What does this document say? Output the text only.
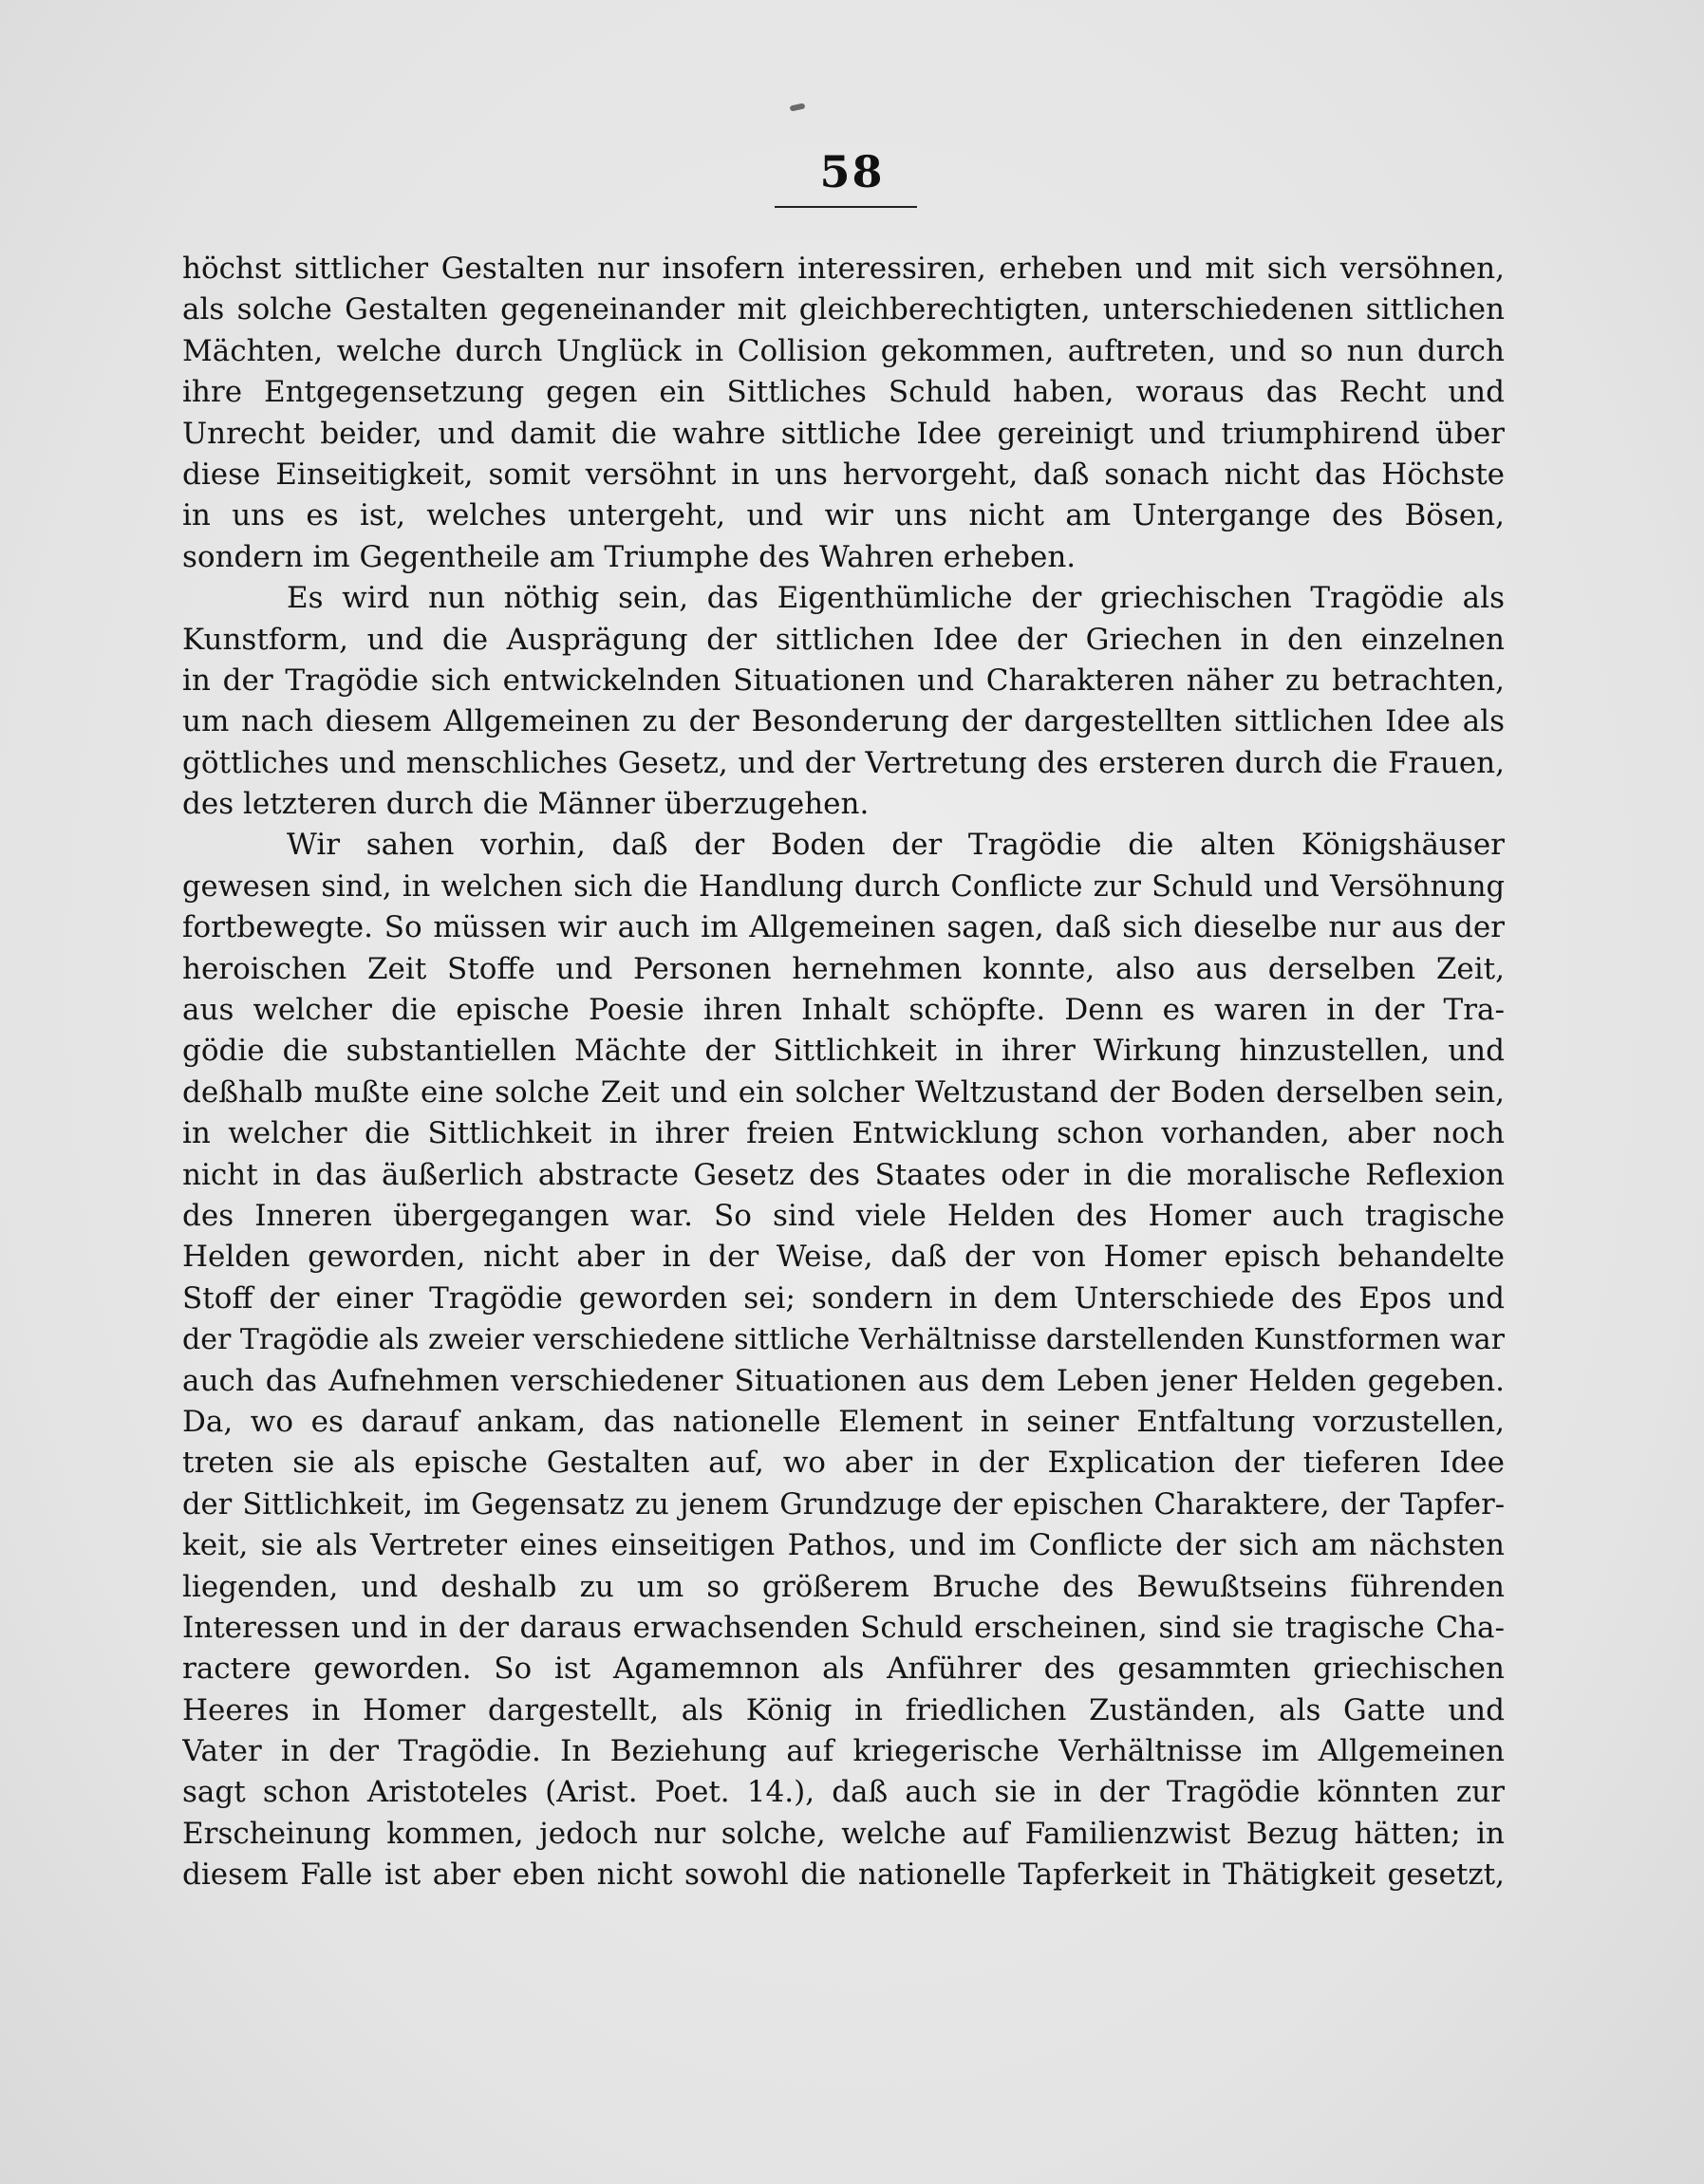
58
höchst sittlicher Gestalten nur insofern interessiren, erheben und mit sich versöhnen,
als solche Gestalten gegeneinander mit gleichberechtigten, unterschiedenen sittlichen
Mächten, welche durch Unglück in Collision gekommen, auftreten, und so nun durch
ihre Entgegensetzung gegen ein Sittliches Schuld haben, woraus das Recht und
Unrecht beider, und damit die wahre sittliche Idee gereinigt und triumphirend über
diese Einseitigkeit, somit versöhnt in uns hervorgeht, daß sonach nicht das Höchste
in uns es ist, welches untergeht, und wir uns nicht am Untergange des Bösen,
sondern im Gegentheile am Triumphe des Wahren erheben.
Es wird nun nöthig sein, das Eigenthümliche der griechischen Tragödie als
Kunstform, und die Ausprägung der sittlichen Idee der Griechen in den einzelnen
in der Tragödie sich entwickelnden Situationen und Charakteren näher zu betrachten,
um nach diesem Allgemeinen zu der Besonderung der dargestellten sittlichen Idee als
göttliches und menschliches Gesetz, und der Vertretung des ersteren durch die Frauen,
des letzteren durch die Männer überzugehen.
Wir sahen vorhin, daß der Boden der Tragödie die alten Königshäuser
gewesen sind, in welchen sich die Handlung durch Conflicte zur Schuld und Versöhnung
fortbewegte. So müssen wir auch im Allgemeinen sagen, daß sich dieselbe nur aus der
heroischen Zeit Stoffe und Personen hernehmen konnte, also aus derselben Zeit,
aus welcher die epische Poesie ihren Inhalt schöpfte. Denn es waren in der Tra-
gödie die substantiellen Mächte der Sittlichkeit in ihrer Wirkung hinzustellen, und
deßhalb mußte eine solche Zeit und ein solcher Weltzustand der Boden derselben sein,
in welcher die Sittlichkeit in ihrer freien Entwicklung schon vorhanden, aber noch
nicht in das äußerlich abstracte Gesetz des Staates oder in die moralische Reflexion
des Inneren übergegangen war. So sind viele Helden des Homer auch tragische
Helden geworden, nicht aber in der Weise, daß der von Homer episch behandelte
Stoff der einer Tragödie geworden sei; sondern in dem Unterschiede des Epos und
der Tragödie als zweier verschiedene sittliche Verhältnisse darstellenden Kunstformen war
auch das Aufnehmen verschiedener Situationen aus dem Leben jener Helden gegeben.
Da, wo es darauf ankam, das nationelle Element in seiner Entfaltung vorzustellen,
treten sie als epische Gestalten auf, wo aber in der Explication der tieferen Idee
der Sittlichkeit, im Gegensatz zu jenem Grundzuge der epischen Charaktere, der Tapfer-
keit, sie als Vertreter eines einseitigen Pathos, und im Conflicte der sich am nächsten
liegenden, und deshalb zu um so größerem Bruche des Bewußtseins führenden
Interessen und in der daraus erwachsenden Schuld erscheinen, sind sie tragische Cha-
ractere geworden. So ist Agamemnon als Anführer des gesammten griechischen
Heeres in Homer dargestellt, als König in friedlichen Zuständen, als Gatte und
Vater in der Tragödie. In Beziehung auf kriegerische Verhältnisse im Allgemeinen
sagt schon Aristoteles (Arist. Poet. 14.), daß auch sie in der Tragödie könnten zur
Erscheinung kommen, jedoch nur solche, welche auf Familienzwist Bezug hätten; in
diesem Falle ist aber eben nicht sowohl die nationelle Tapferkeit in Thätigkeit gesetzt,
